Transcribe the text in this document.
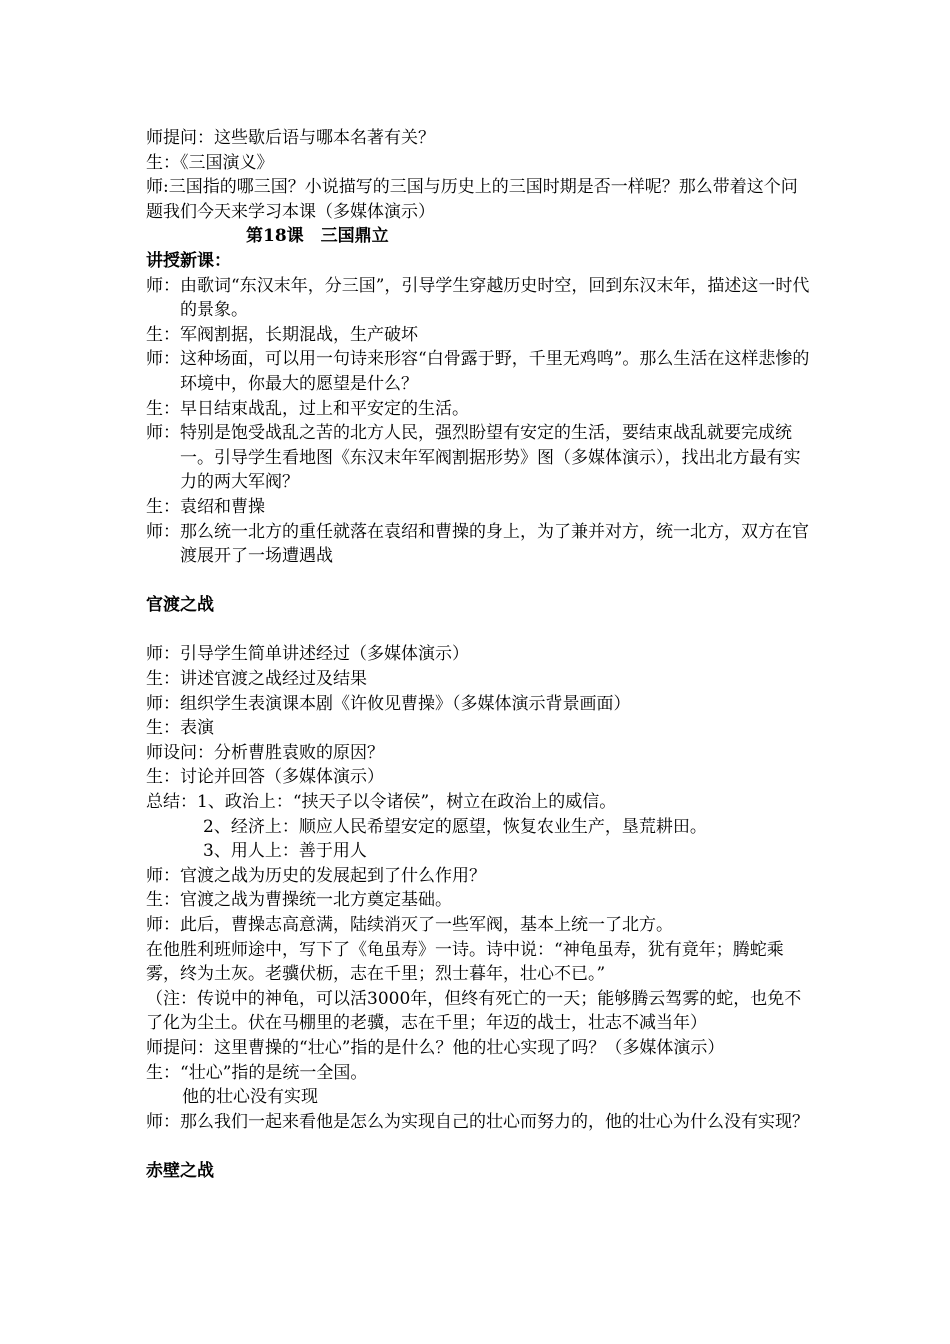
师提问：这些歇后语与哪本名著有关？

生：《三国演义》

师:三国指的哪三国？小说描写的三国与历史上的三国时期是否一样呢？那么带着这个问题我们今天来学习本课（多媒体演示）

第18课　三国鼎立

讲授新课：

师：由歌词“东汉末年，分三国”，引导学生穿越历史时空，回到东汉末年，描述这一时代的景象。

生：军阀割据，长期混战，生产破坏

师：这种场面，可以用一句诗来形容“白骨露于野，千里无鸡鸣”。那么生活在这样悲惨的环境中，你最大的愿望是什么？

生：早日结束战乱，过上和平安定的生活。

师：特别是饱受战乱之苦的北方人民，强烈盼望有安定的生活，要结束战乱就要完成统一。引导学生看地图《东汉末年军阀割据形势》图（多媒体演示），找出北方最有实力的两大军阀？

生：袁绍和曹操

师：那么统一北方的重任就落在袁绍和曹操的身上，为了兼并对方，统一北方，双方在官渡展开了一场遭遇战

官渡之战

师：引导学生简单讲述经过（多媒体演示）

生：讲述官渡之战经过及结果

师：组织学生表演课本剧《许攸见曹操》（多媒体演示背景画面）

生：表演

师设问：分析曹胜袁败的原因？

生：讨论并回答（多媒体演示）

总结：1、政治上：“挟天子以令诸侯”，树立在政治上的威信。

2、经济上：顺应人民希望安定的愿望，恢复农业生产，垦荒耕田。

3、用人上：善于用人

师：官渡之战为历史的发展起到了什么作用？

生：官渡之战为曹操统一北方奠定基础。

师：此后，曹操志高意满，陆续消灭了一些军阀，基本上统一了北方。

在他胜利班师途中，写下了《龟虽寿》一诗。诗中说：“神龟虽寿，犹有竟年；腾蛇乘雾，终为土灰。老骥伏枥，志在千里；烈士暮年，壮心不已。”

（注：传说中的神龟，可以活3000年，但终有死亡的一天；能够腾云驾雾的蛇，也免不了化为尘土。伏在马棚里的老骥，志在千里；年迈的战士，壮志不减当年）

师提问：这里曹操的“壮心”指的是什么？他的壮心实现了吗？（多媒体演示）

生：“壮心”指的是统一全国。

他的壮心没有实现

师：那么我们一起来看他是怎么为实现自己的壮心而努力的，他的壮心为什么没有实现？

赤壁之战
